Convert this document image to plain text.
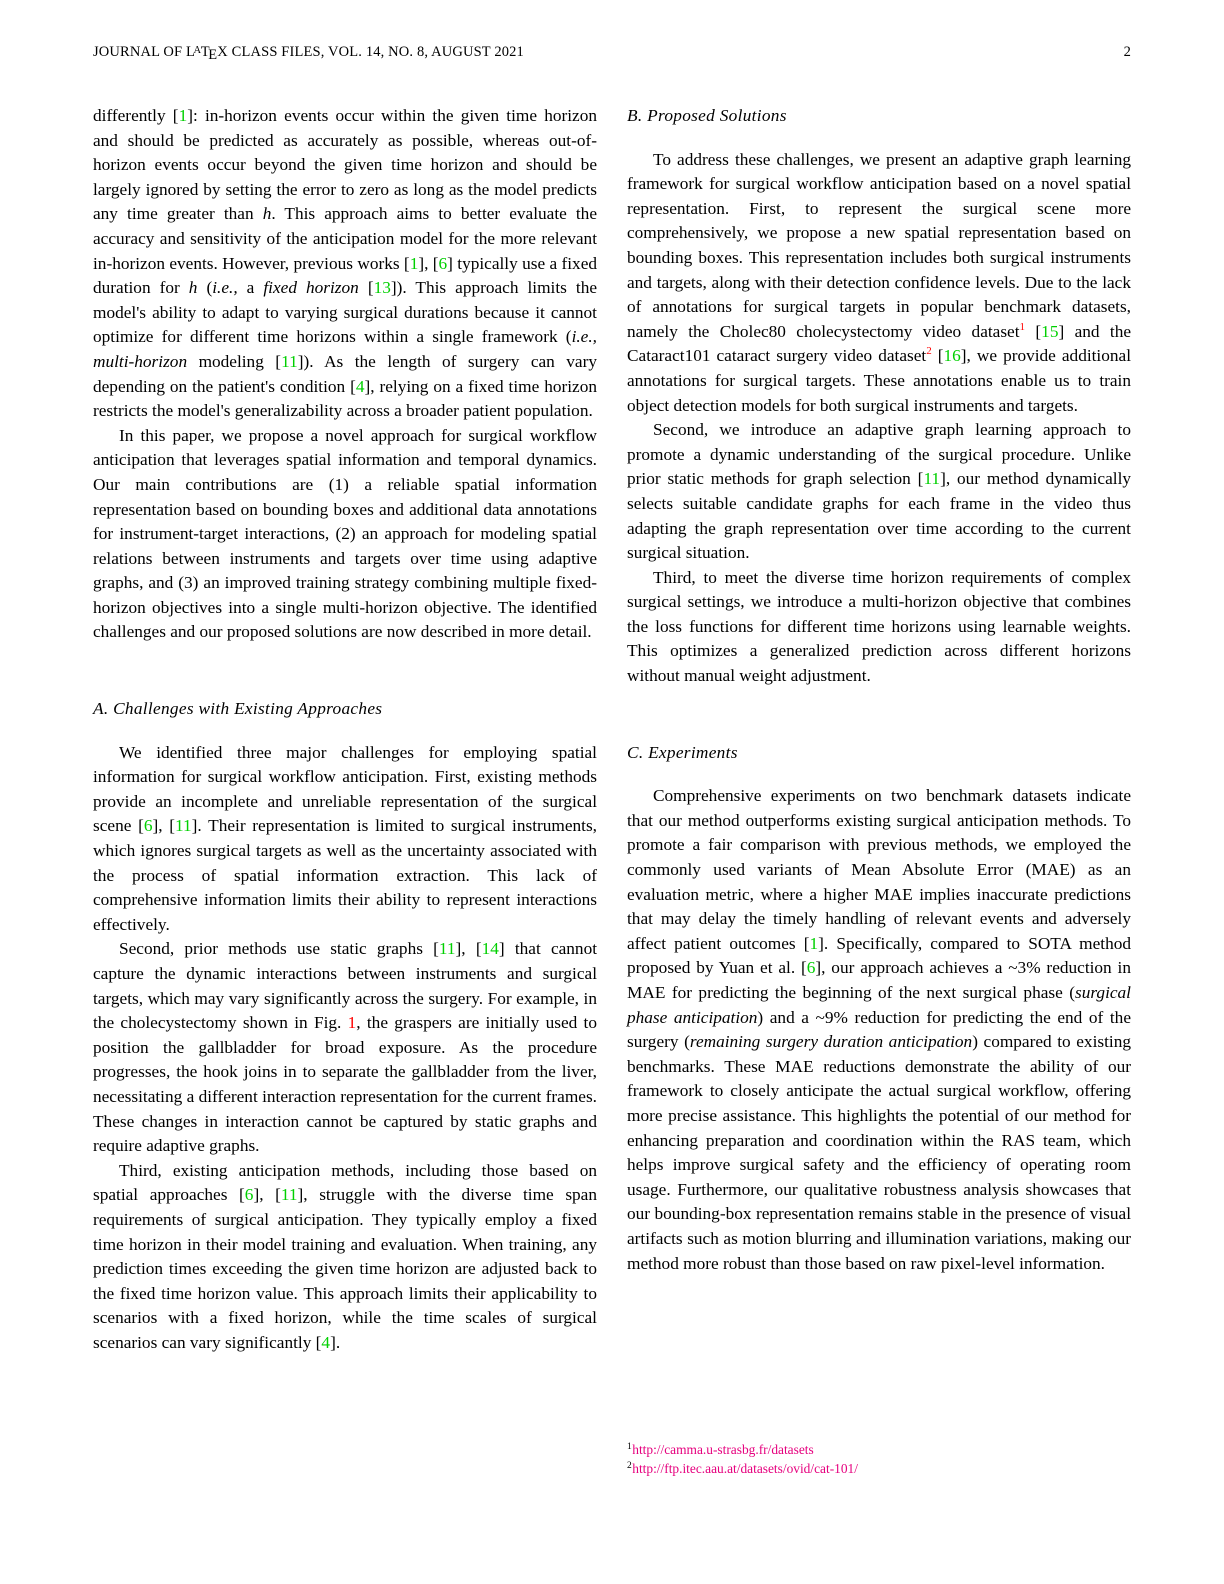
JOURNAL OF $L^ATEX$ CLASS FILES, VOL. 14, NO. 8, AUGUST 2021	2

differently [1]: in-horizon events occur within the given time horizon and should be predicted as accurately as possible, whereas out-of-horizon events occur beyond the given time horizon and should be largely ignored by setting the error to zero as long as the model predicts any time greater than h. This approach aims to better evaluate the accuracy and sensitivity of the anticipation model for the more relevant in-horizon events. However, previous works [1], [6] typically use a fixed duration for h (i.e., a fixed horizon [13]). This approach limits the model's ability to adapt to varying surgical durations because it cannot optimize for different time horizons within a single framework (i.e., multi-horizon modeling [11]). As the length of surgery can vary depending on the patient's condition [4], relying on a fixed time horizon restricts the model's generalizability across a broader patient population.

In this paper, we propose a novel approach for surgical workflow anticipation that leverages spatial information and temporal dynamics. Our main contributions are (1) a reliable spatial information representation based on bounding boxes and additional data annotations for instrument-target interactions, (2) an approach for modeling spatial relations between instruments and targets over time using adaptive graphs, and (3) an improved training strategy combining multiple fixed-horizon objectives into a single multi-horizon objective. The identified challenges and our proposed solutions are now described in more detail.

A. Challenges with Existing Approaches

We identified three major challenges for employing spatial information for surgical workflow anticipation. First, existing methods provide an incomplete and unreliable representation of the surgical scene [6], [11]. Their representation is limited to surgical instruments, which ignores surgical targets as well as the uncertainty associated with the process of spatial information extraction. This lack of comprehensive information limits their ability to represent interactions effectively.

Second, prior methods use static graphs [11], [14] that cannot capture the dynamic interactions between instruments and surgical targets, which may vary significantly across the surgery. For example, in the cholecystectomy shown in Fig. 1, the graspers are initially used to position the gallbladder for broad exposure. As the procedure progresses, the hook joins in to separate the gallbladder from the liver, necessitating a different interaction representation for the current frames. These changes in interaction cannot be captured by static graphs and require adaptive graphs.

Third, existing anticipation methods, including those based on spatial approaches [6], [11], struggle with the diverse time span requirements of surgical anticipation. They typically employ a fixed time horizon in their model training and evaluation. When training, any prediction times exceeding the given time horizon are adjusted back to the fixed time horizon value. This approach limits their applicability to scenarios with a fixed horizon, while the time scales of surgical scenarios can vary significantly [4].

B. Proposed Solutions

To address these challenges, we present an adaptive graph learning framework for surgical workflow anticipation based on a novel spatial representation. First, to represent the surgical scene more comprehensively, we propose a new spatial representation based on bounding boxes. This representation includes both surgical instruments and targets, along with their detection confidence levels. Due to the lack of annotations for surgical targets in popular benchmark datasets, namely the Cholec80 cholecystectomy video dataset$^1$ [15] and the Cataract101 cataract surgery video dataset$^2$ [16], we provide additional annotations for surgical targets. These annotations enable us to train object detection models for both surgical instruments and targets.

Second, we introduce an adaptive graph learning approach to promote a dynamic understanding of the surgical procedure. Unlike prior static methods for graph selection [11], our method dynamically selects suitable candidate graphs for each frame in the video thus adapting the graph representation over time according to the current surgical situation.

Third, to meet the diverse time horizon requirements of complex surgical settings, we introduce a multi-horizon objective that combines the loss functions for different time horizons using learnable weights. This optimizes a generalized prediction across different horizons without manual weight adjustment.

C. Experiments

Comprehensive experiments on two benchmark datasets indicate that our method outperforms existing surgical anticipation methods. To promote a fair comparison with previous methods, we employed the commonly used variants of Mean Absolute Error (MAE) as an evaluation metric, where a higher MAE implies inaccurate predictions that may delay the timely handling of relevant events and adversely affect patient outcomes [1]. Specifically, compared to SOTA method proposed by Yuan et al. [6], our approach achieves a ~3% reduction in MAE for predicting the beginning of the next surgical phase (surgical phase anticipation) and a ~9% reduction for predicting the end of the surgery (remaining surgery duration anticipation) compared to existing benchmarks. These MAE reductions demonstrate the ability of our framework to closely anticipate the actual surgical workflow, offering more precise assistance. This highlights the potential of our method for enhancing preparation and coordination within the RAS team, which helps improve surgical safety and the efficiency of operating room usage. Furthermore, our qualitative robustness analysis showcases that our bounding-box representation remains stable in the presence of visual artifacts such as motion blurring and illumination variations, making our method more robust than those based on raw pixel-level information.

$^1$http://camma.u-strasbg.fr/datasets
$^2$http://ftp.itec.aau.at/datasets/ovid/cat-101/
